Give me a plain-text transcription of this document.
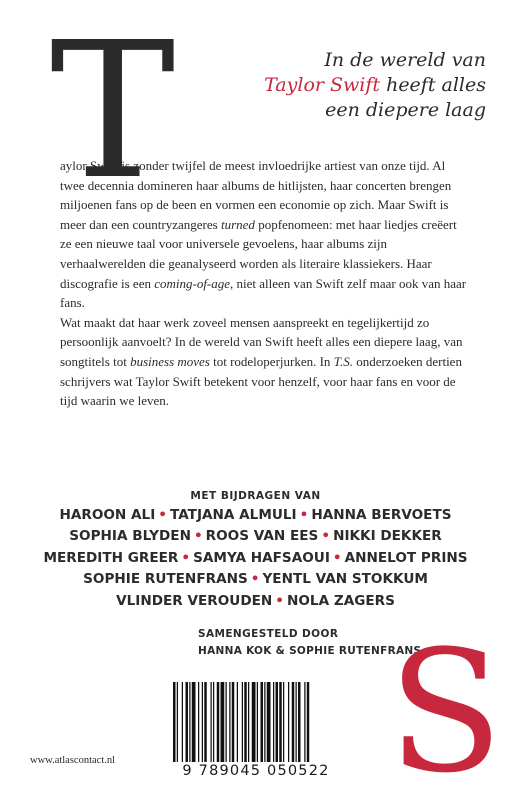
T	In de wereld van
Taylor Swift heeft alles
een diepere laag

aylor Swift is zonder twijfel de meest invloedrijke artiest van onze tijd. Al twee decennia domineren haar albums de hitlijsten, haar concerten brengen miljoenen fans op de been en vormen een economie op zich. Maar Swift is meer dan een countryzangeres turned popfenomeen: met haar liedjes creëert ze een nieuwe taal voor universele gevoelens, haar albums zijn verhaalwerelden die geanalyseerd worden als literaire klassiekers. Haar discografie is een coming-of-age, niet alleen van Swift zelf maar ook van haar fans.

Wat maakt dat haar werk zoveel mensen aanspreekt en tegelijkertijd zo persoonlijk aanvoelt? In de wereld van Swift heeft alles een diepere laag, van songtitels tot business moves tot rodeloperjurken. In T.S. onderzoeken dertien schrijvers wat Taylor Swift betekent voor henzelf, voor haar fans en voor de tijd waarin we leven.

MET BIJDRAGEN VAN
HAROON ALI • TATJANA ALMULI • HANNA BERVOETS
SOPHIA BLYDEN • ROOS VAN EES • NIKKI DEKKER
MEREDITH GREER • SAMYA HAFSAOUI • ANNELOT PRINS
SOPHIE RUTENFRANS • YENTL VAN STOKKUM
VLINDER VEROUDEN • NOLA ZAGERS
SAMENGESTELD DOOR
HANNA KOK & SOPHIE RUTENFRANS
S
www.atlascontact.nl
9 789045 050522
